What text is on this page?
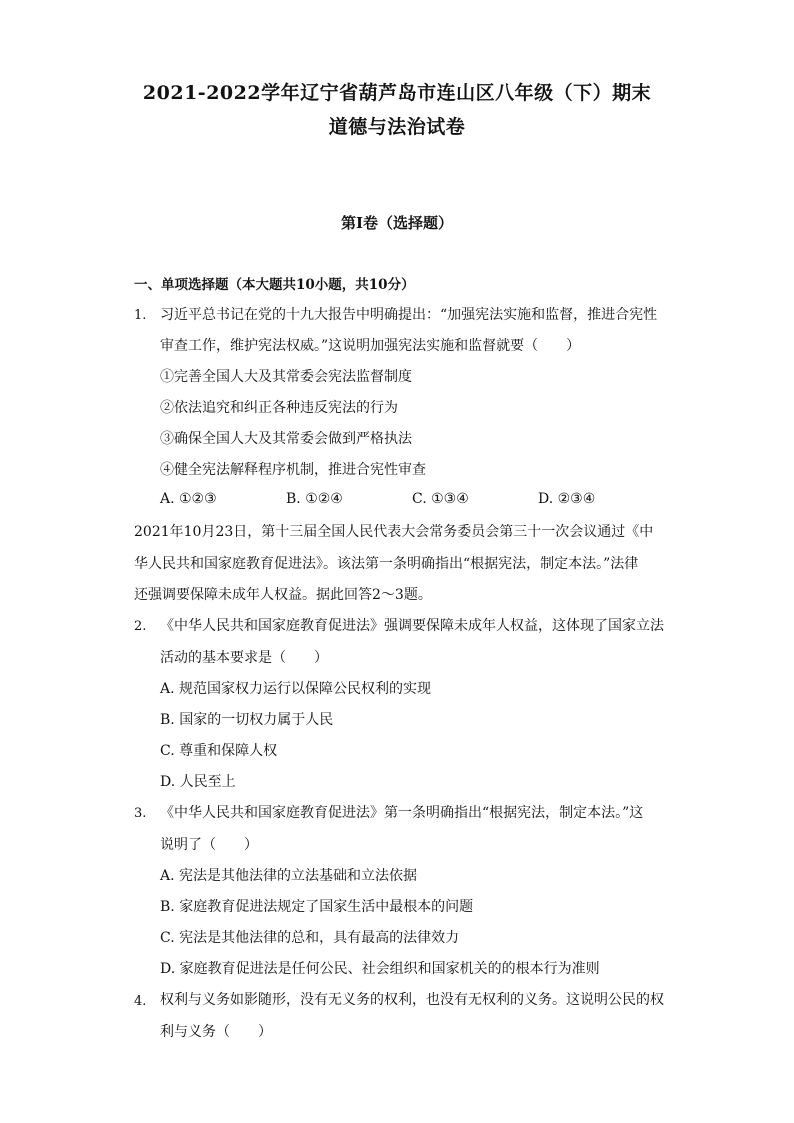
2021-2022学年辽宁省葫芦岛市连山区八年级（下）期末
道德与法治试卷
第Ⅰ卷（选择题）
一、单项选择题（本大题共10小题，共10分）
1. 习近平总书记在党的十九大报告中明确提出：“加强宪法实施和监督，推进合宪性
审查工作，维护宪法权威。”这说明加强宪法实施和监督就要（　　）
①完善全国人大及其常委会宪法监督制度
②依法追究和纠正各种违反宪法的行为
③确保全国人大及其常委会做到严格执法
④健全宪法解释程序机制，推进合宪性审查
A. ①②③	B. ①②④	C. ①③④	D. ②③④
2021年10月23日，第十三届全国人民代表大会常务委员会第三十一次会议通过《中
华人民共和国家庭教育促进法》。该法第一条明确指出“根据宪法，制定本法。”法律
还强调要保障未成年人权益。据此回答2～3题。
2. 《中华人民共和国家庭教育促进法》强调要保障未成年人权益，这体现了国家立法
活动的基本要求是（　　）
A. 规范国家权力运行以保障公民权利的实现
B. 国家的一切权力属于人民
C. 尊重和保障人权
D. 人民至上
3. 《中华人民共和国家庭教育促进法》第一条明确指出“根据宪法，制定本法。”这
说明了（　　）
A. 宪法是其他法律的立法基础和立法依据
B. 家庭教育促进法规定了国家生活中最根本的问题
C. 宪法是其他法律的总和，具有最高的法律效力
D. 家庭教育促进法是任何公民、社会组织和国家机关的的根本行为准则
4. 权利与义务如影随形，没有无义务的权利，也没有无权利的义务。这说明公民的权
利与义务（　　）
